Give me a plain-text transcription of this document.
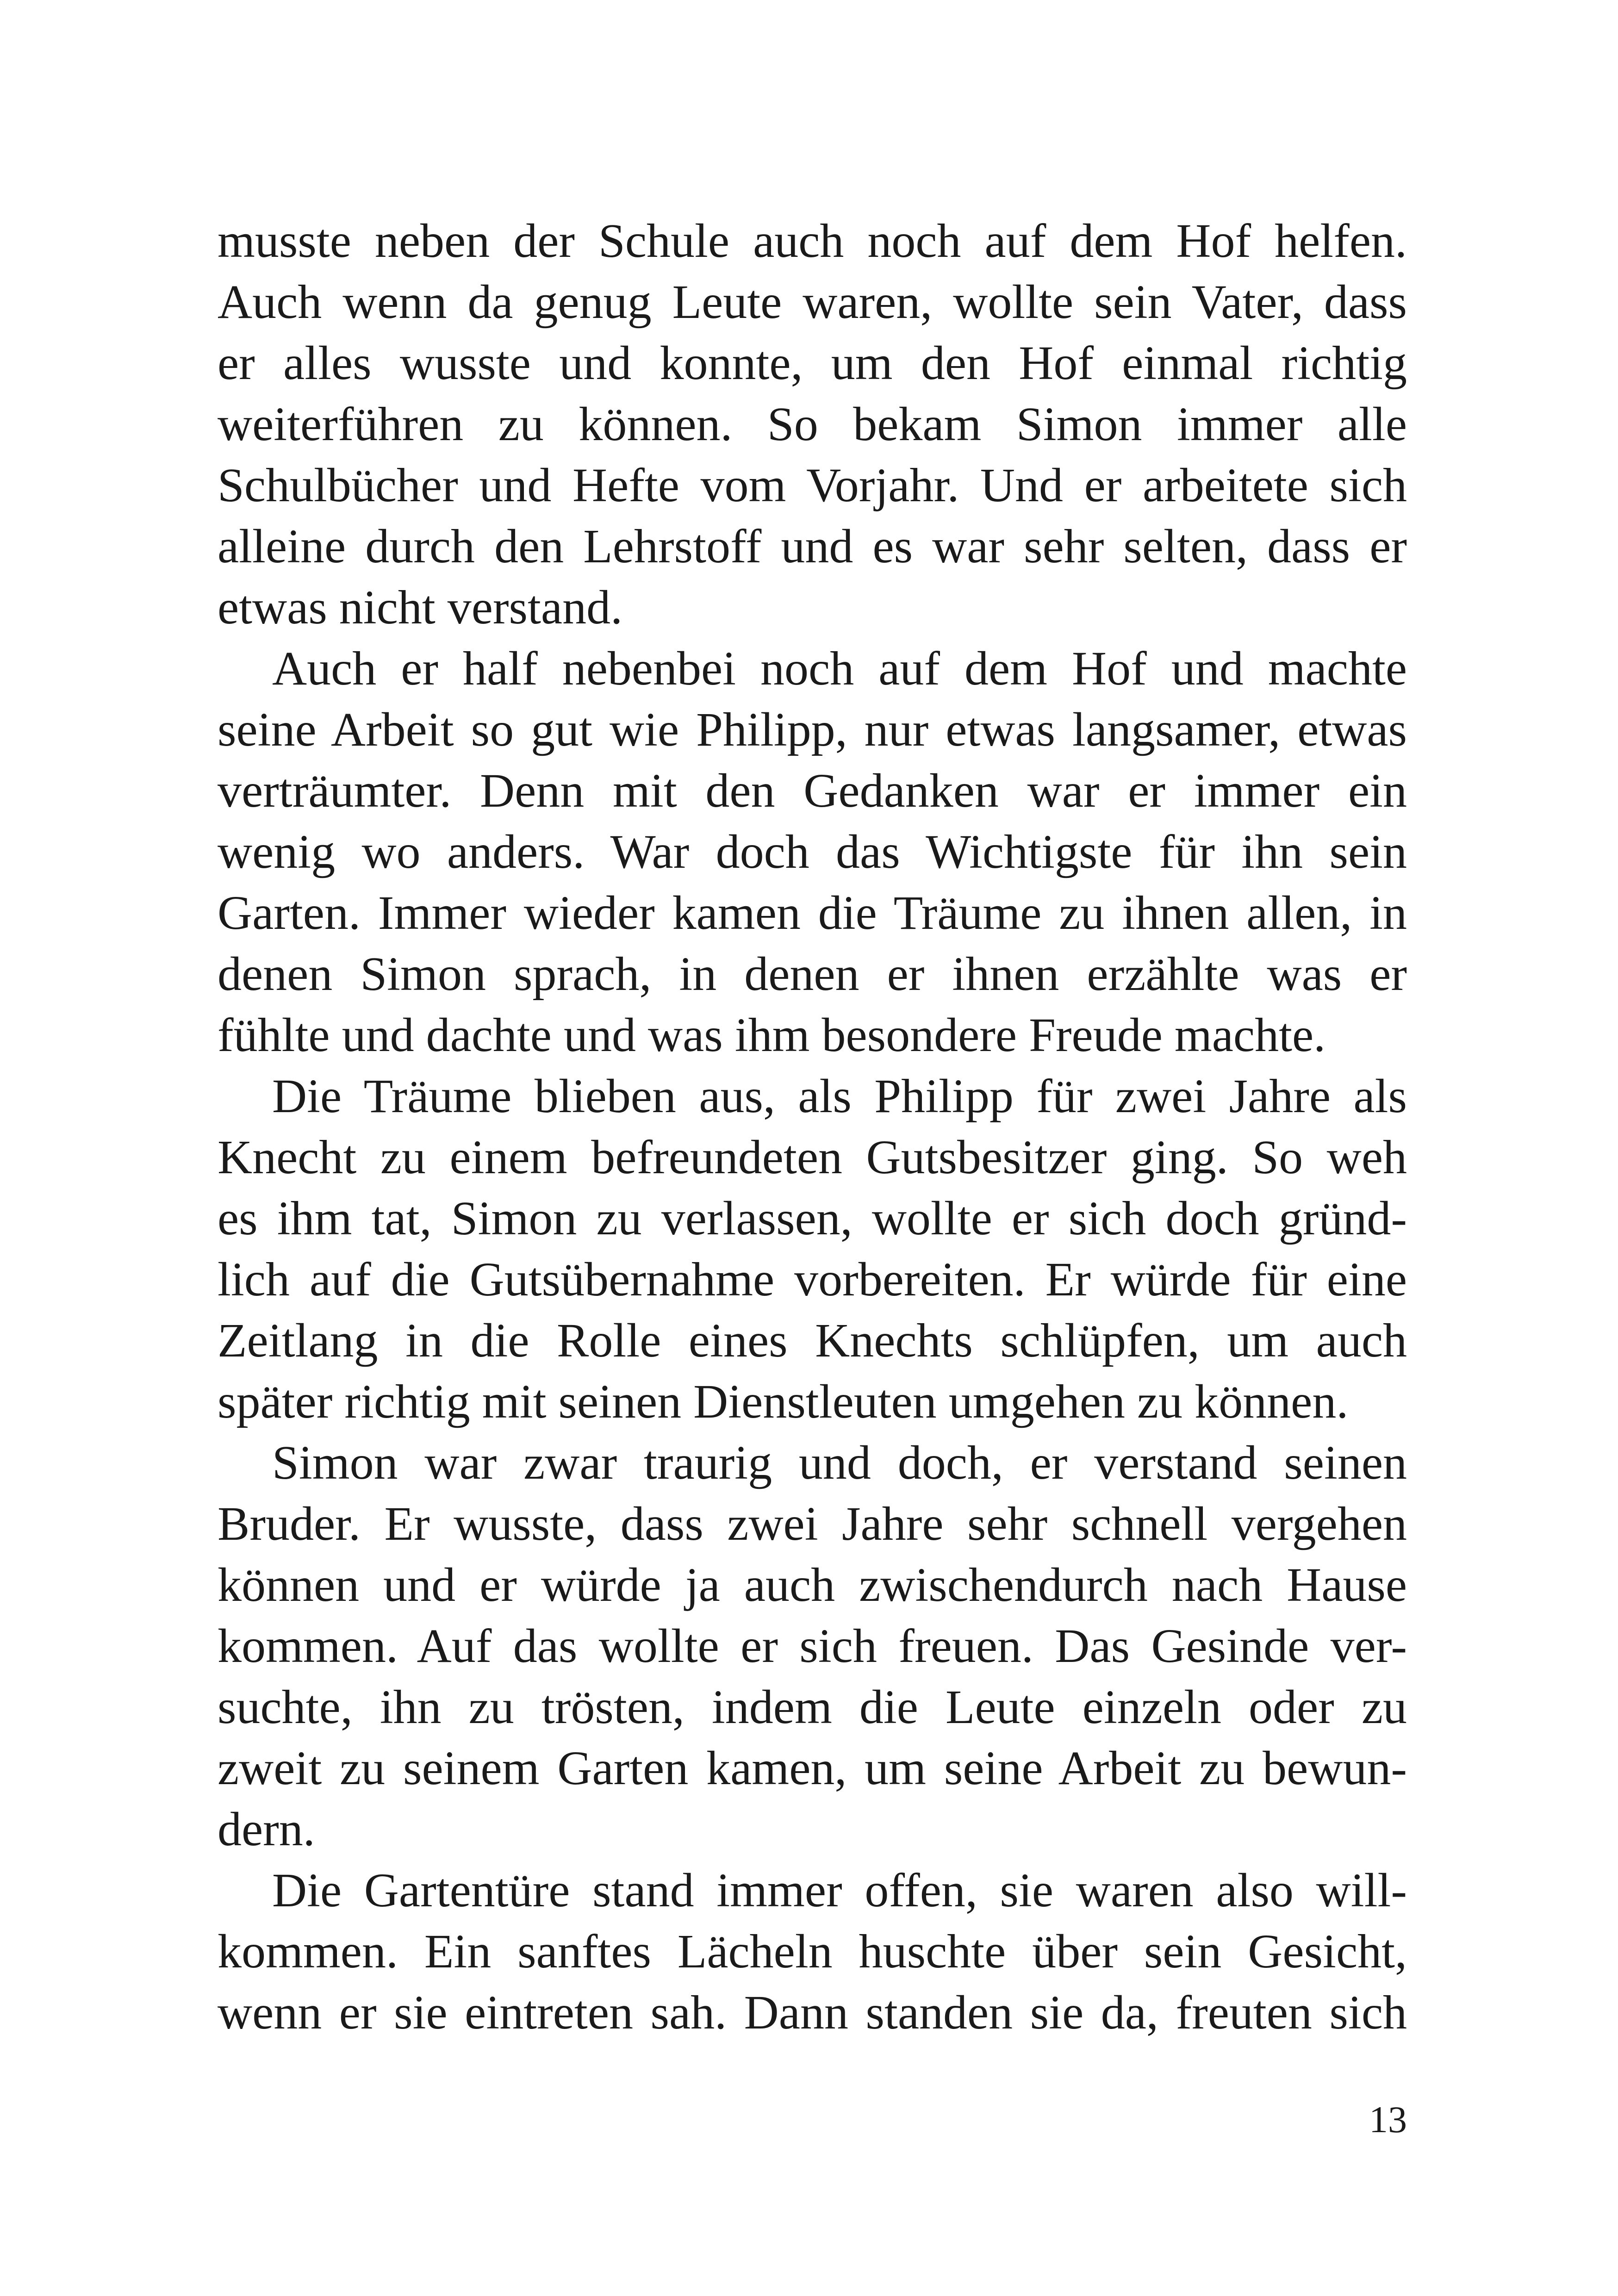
musste neben der Schule auch noch auf dem Hof helfen.
Auch wenn da genug Leute waren, wollte sein Vater, dass
er alles wusste und konnte, um den Hof einmal richtig
weiterführen zu können. So bekam Simon immer alle
Schulbücher und Hefte vom Vorjahr. Und er arbeitete sich
alleine durch den Lehrstoff und es war sehr selten, dass er
etwas nicht verstand.

Auch er half nebenbei noch auf dem Hof und machte
seine Arbeit so gut wie Philipp, nur etwas langsamer, etwas
verträumter. Denn mit den Gedanken war er immer ein
wenig wo anders. War doch das Wichtigste für ihn sein
Garten. Immer wieder kamen die Träume zu ihnen allen, in
denen Simon sprach, in denen er ihnen erzählte was er
fühlte und dachte und was ihm besondere Freude machte.

Die Träume blieben aus, als Philipp für zwei Jahre als
Knecht zu einem befreundeten Gutsbesitzer ging. So weh
es ihm tat, Simon zu verlassen, wollte er sich doch gründ-
lich auf die Gutsübernahme vorbereiten. Er würde für eine
Zeitlang in die Rolle eines Knechts schlüpfen, um auch
später richtig mit seinen Dienstleuten umgehen zu können.

Simon war zwar traurig und doch, er verstand seinen
Bruder. Er wusste, dass zwei Jahre sehr schnell vergehen
können und er würde ja auch zwischendurch nach Hause
kommen. Auf das wollte er sich freuen. Das Gesinde ver-
suchte, ihn zu trösten, indem die Leute einzeln oder zu
zweit zu seinem Garten kamen, um seine Arbeit zu bewun-
dern.

Die Gartentüre stand immer offen, sie waren also will-
kommen. Ein sanftes Lächeln huschte über sein Gesicht,
wenn er sie eintreten sah. Dann standen sie da, freuten sich

13
